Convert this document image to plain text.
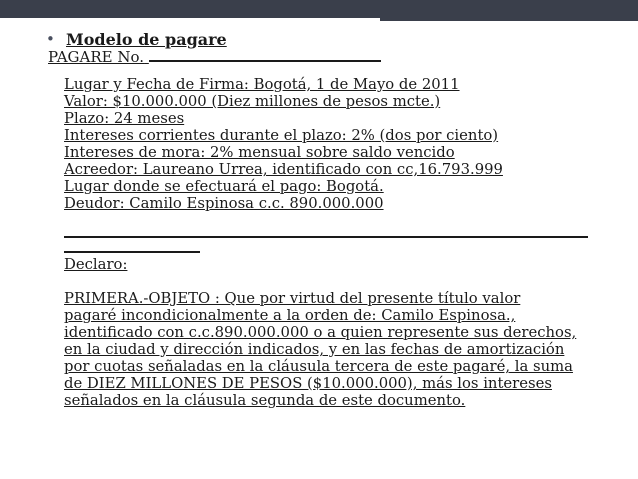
• Modelo de pagare
PAGARE No.
Lugar y Fecha de Firma: Bogotá, 1 de Mayo de 2011
Valor: $10.000.000 (Diez millones de pesos mcte.)
Plazo: 24 meses
Intereses corrientes durante el plazo: 2% (dos por ciento)
Intereses de mora: 2% mensual sobre saldo vencido
Acreedor: Laureano Urrea, identificado con cc,16.793.999
Lugar donde se efectuará el pago: Bogotá.
Deudor: Camilo Espinosa c.c. 890.000.000
Declaro:
PRIMERA.-OBJETO : Que por virtud del presente título valor
pagaré incondicionalmente a la orden de: Camilo Espinosa.,
identificado con c.c.890.000.000 o a quien represente sus derechos,
en la ciudad y dirección indicados, y en las fechas de amortización
por cuotas señaladas en la cláusula tercera de este pagaré, la suma
de DIEZ MILLONES DE PESOS ($10.000.000), más los intereses
señalados en la cláusula segunda de este documento.
